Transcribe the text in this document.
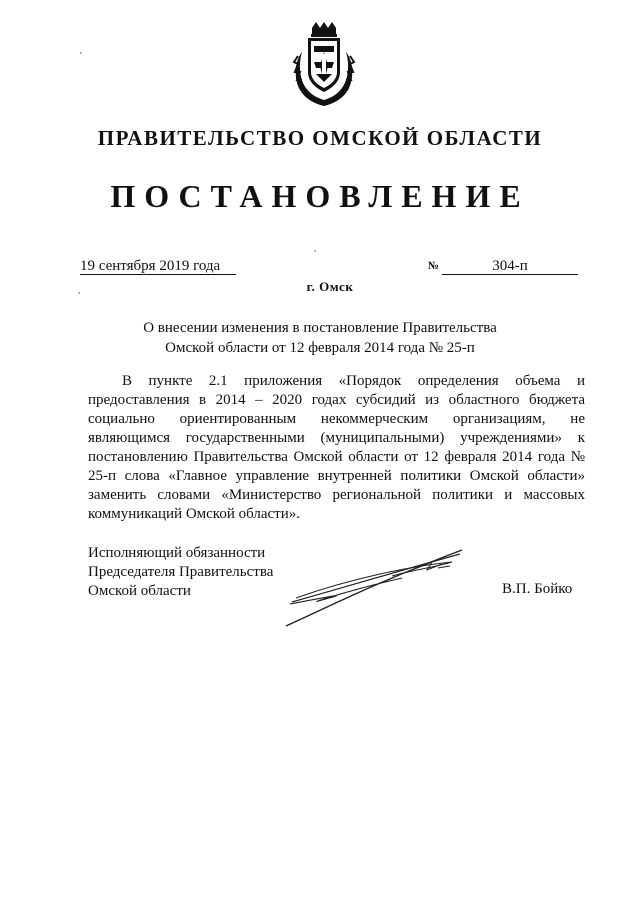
ПРАВИТЕЛЬСТВО ОМСКОЙ ОБЛАСТИ
ПОСТАНОВЛЕНИЕ
19 сентября 2019 года	№	304-п
г. Омск
О внесении изменения в постановление Правительства
Омской области от 12 февраля 2014 года № 25-п
В пункте 2.1 приложения «Порядок определения объема и предоставления в 2014 – 2020 годах субсидий из областного бюджета социально ориентированным некоммерческим организациям, не являющимся государственными (муниципальными) учреждениями» к постановлению Правительства Омской области от 12 февраля 2014 года № 25-п слова «Главное управление внутренней политики Омской области» заменить словами «Министерство региональной политики и массовых коммуникаций Омской области».
Исполняющий обязанности
Председателя Правительства
Омской области	В.П. Бойко
